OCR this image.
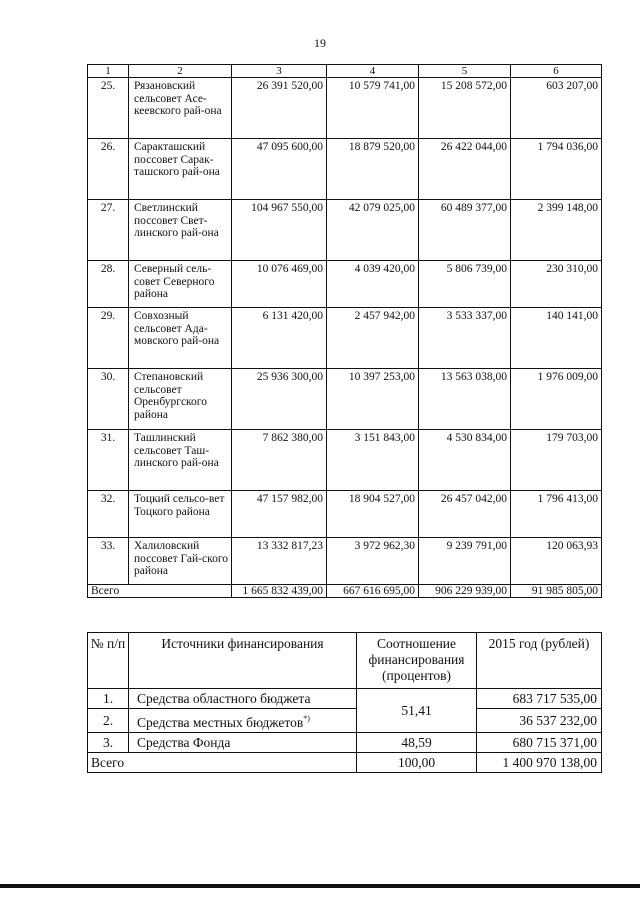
19
1	2	3	4	5	6
25.	Рязановский сельсовет Асе-кеевского рай-она	26 391 520,00	10 579 741,00	15 208 572,00	603 207,00
26.	Саракташский поссовет Сарак-ташского рай-она	47 095 600,00	18 879 520,00	26 422 044,00	1 794 036,00
27.	Светлинский поссовет Свет-линского рай-она	104 967 550,00	42 079 025,00	60 489 377,00	2 399 148,00
28.	Северный сель-совет Северного района	10 076 469,00	4 039 420,00	5 806 739,00	230 310,00
29.	Совхозный сельсовет Ада-мовского рай-она	6 131 420,00	2 457 942,00	3 533 337,00	140 141,00
30.	Степановский сельсовет Оренбургского района	25 936 300,00	10 397 253,00	13 563 038,00	1 976 009,00
31.	Ташлинский сельсовет Таш-линского рай-она	7 862 380,00	3 151 843,00	4 530 834,00	179 703,00
32.	Тоцкий сельсо-вет Тоцкого района	47 157 982,00	18 904 527,00	26 457 042,00	1 796 413,00
33.	Халиловский поссовет Гай-ского района	13 332 817,23	3 972 962,30	9 239 791,00	120 063,93
Всего		1 665 832 439,00	667 616 695,00	906 229 939,00	91 985 805,00
№ п/п	Источники финансирования	Соотношение финансирования (процентов)	2015 год (рублей)
1.	Средства областного бюджета	51,41	683 717 535,00
2.	Средства местных бюджетов*)		36 537 232,00
3.	Средства Фонда	48,59	680 715 371,00
Всего		100,00	1 400 970 138,00
